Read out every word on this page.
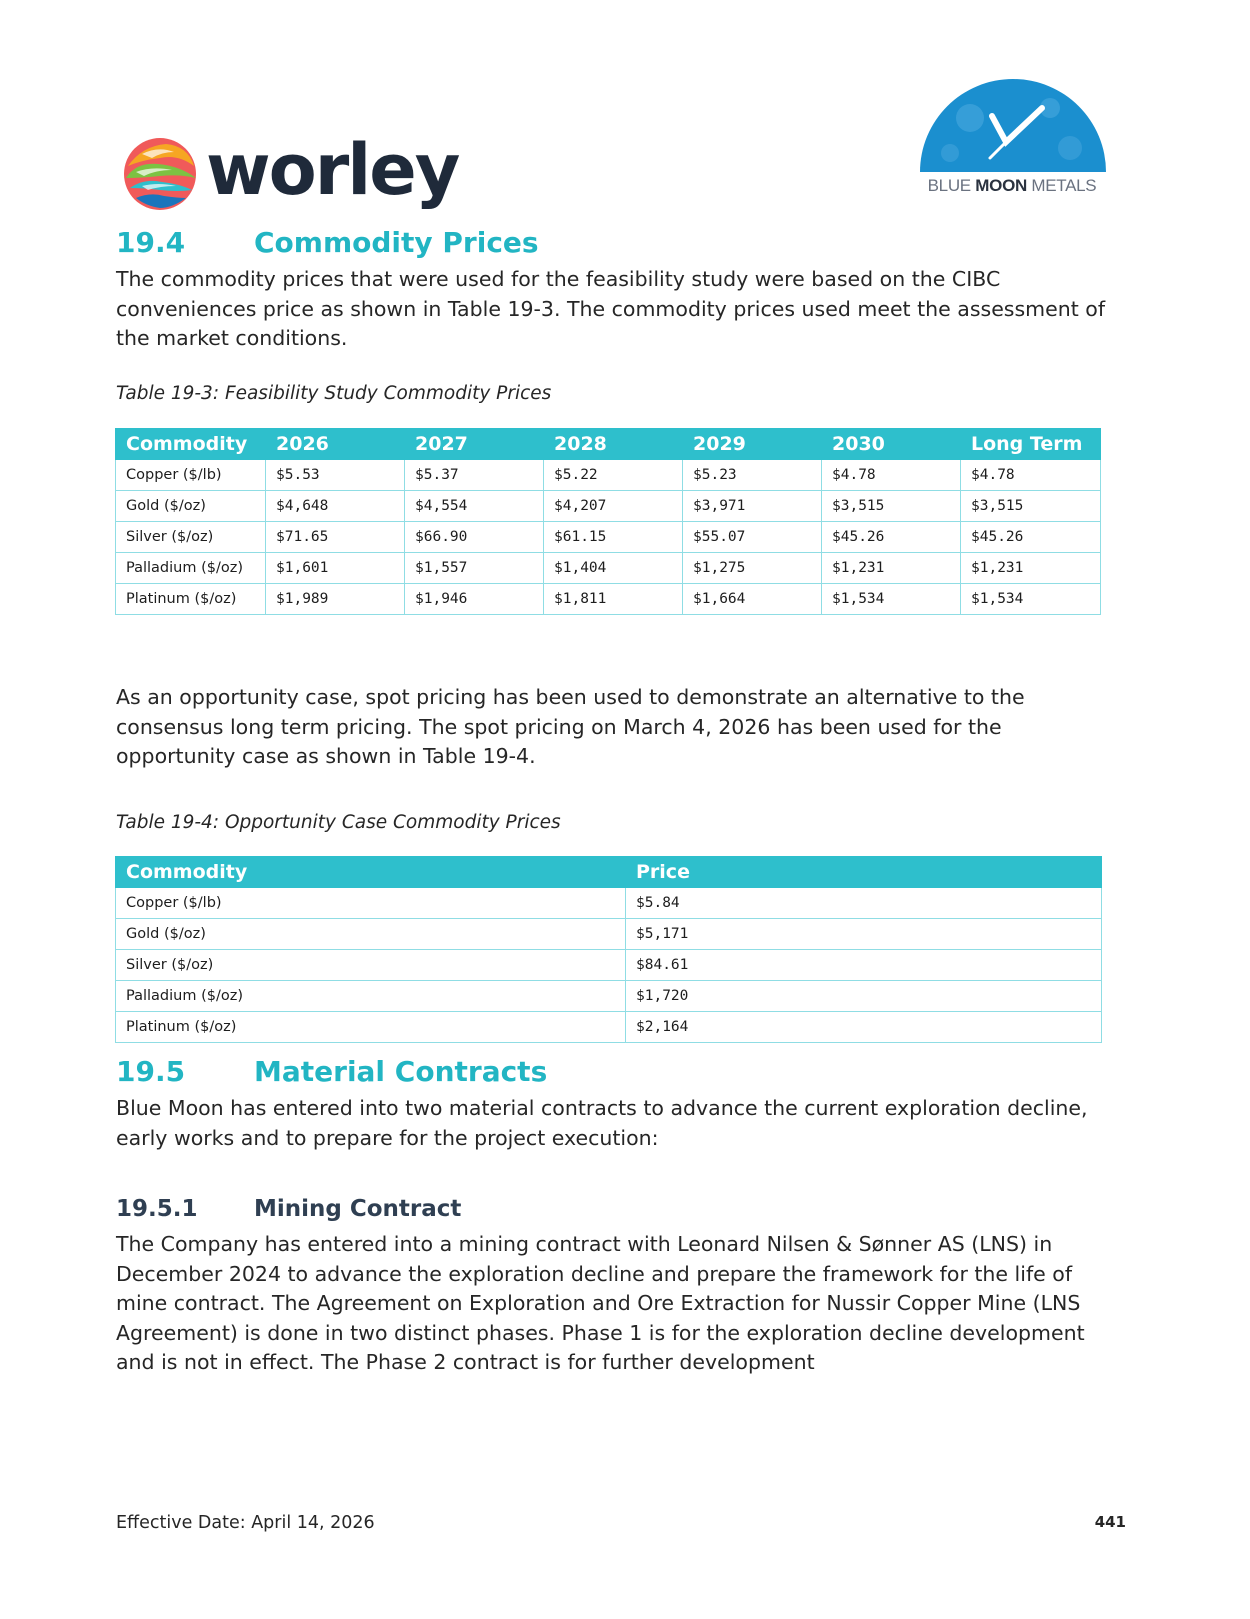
worley	BLUE MOON METALS
19.4 Commodity Prices

The commodity prices that were used for the feasibility study were based on the CIBC conveniences price as shown in Table 19-3. The commodity prices used meet the assessment of the market conditions.

Table 19-3: Feasibility Study Commodity Prices

Commodity	2026	2027	2028	2029	2030	Long Term
Copper ($/lb)	$5.53	$5.37	$5.22	$5.23	$4.78	$4.78
Gold ($/oz)	$4,648	$4,554	$4,207	$3,971	$3,515	$3,515
Silver ($/oz)	$71.65	$66.90	$61.15	$55.07	$45.26	$45.26
Palladium ($/oz)	$1,601	$1,557	$1,404	$1,275	$1,231	$1,231
Platinum ($/oz)	$1,989	$1,946	$1,811	$1,664	$1,534	$1,534

As an opportunity case, spot pricing has been used to demonstrate an alternative to the consensus long term pricing. The spot pricing on March 4, 2026 has been used for the opportunity case as shown in Table 19-4.

Table 19-4: Opportunity Case Commodity Prices

Commodity	Price
Copper ($/lb)	$5.84
Gold ($/oz)	$5,171
Silver ($/oz)	$84.61
Palladium ($/oz)	$1,720
Platinum ($/oz)	$2,164
19.5 Material Contracts

Blue Moon has entered into two material contracts to advance the current exploration decline, early works and to prepare for the project execution:

19.5.1 Mining Contract

The Company has entered into a mining contract with Leonard Nilsen & Sønner AS (LNS) in December 2024 to advance the exploration decline and prepare the framework for the life of mine contract. The Agreement on Exploration and Ore Extraction for Nussir Copper Mine (LNS Agreement) is done in two distinct phases. Phase 1 is for the exploration decline development and is not in effect. The Phase 2 contract is for further development

Effective Date: April 14, 2026	441
